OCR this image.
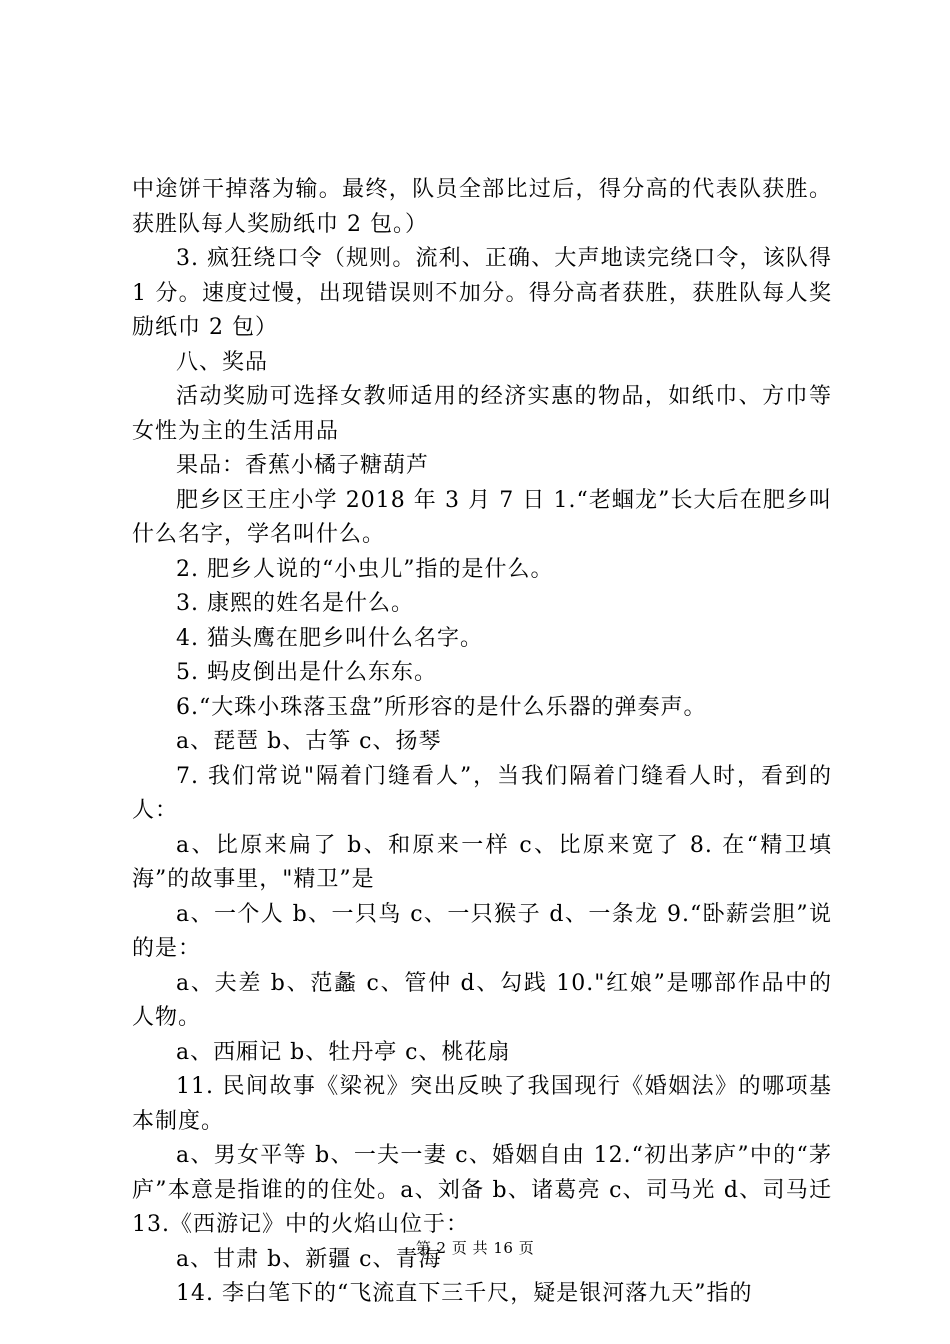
中途饼干掉落为输。最终，队员全部比过后，得分高的代表队获胜。获胜队每人奖励纸巾 2 包。）

3. 疯狂绕口令（规则。流利、正确、大声地读完绕口令，该队得 1 分。速度过慢，出现错误则不加分。得分高者获胜，获胜队每人奖励纸巾 2 包）

八、奖品

活动奖励可选择女教师适用的经济实惠的物品，如纸巾、方巾等女性为主的生活用品

果品：香蕉小橘子糖葫芦

肥乡区王庄小学 2018 年 3 月 7 日 1.“老蝈龙”长大后在肥乡叫什么名字，学名叫什么。

2. 肥乡人说的“小虫儿”指的是什么。

3. 康熙的姓名是什么。

4. 猫头鹰在肥乡叫什么名字。

5. 蚂皮倒出是什么东东。

6.“大珠小珠落玉盘”所形容的是什么乐器的弹奏声。

a、琵琶 b、古筝 c、扬琴

7. 我们常说"隔着门缝看人”，当我们隔着门缝看人时，看到的人：

a、比原来扁了 b、和原来一样 c、比原来宽了 8. 在“精卫填海”的故事里，"精卫”是

a、一个人 b、一只鸟 c、一只猴子 d、一条龙 9.“卧薪尝胆”说的是：

a、夫差 b、范蠡 c、管仲 d、勾践 10."红娘”是哪部作品中的人物。

a、西厢记 b、牡丹亭 c、桃花扇

11. 民间故事《梁祝》突出反映了我国现行《婚姻法》的哪项基本制度。

a、男女平等 b、一夫一妻 c、婚姻自由 12.“初出茅庐”中的“茅庐”本意是指谁的的住处。a、刘备 b、诸葛亮 c、司马光 d、司马迁 13.《西游记》中的火焰山位于：

a、甘肃 b、新疆 c、青海

14. 李白笔下的“飞流直下三千尺，疑是银河落九天”指的

第 2 页 共 16 页
